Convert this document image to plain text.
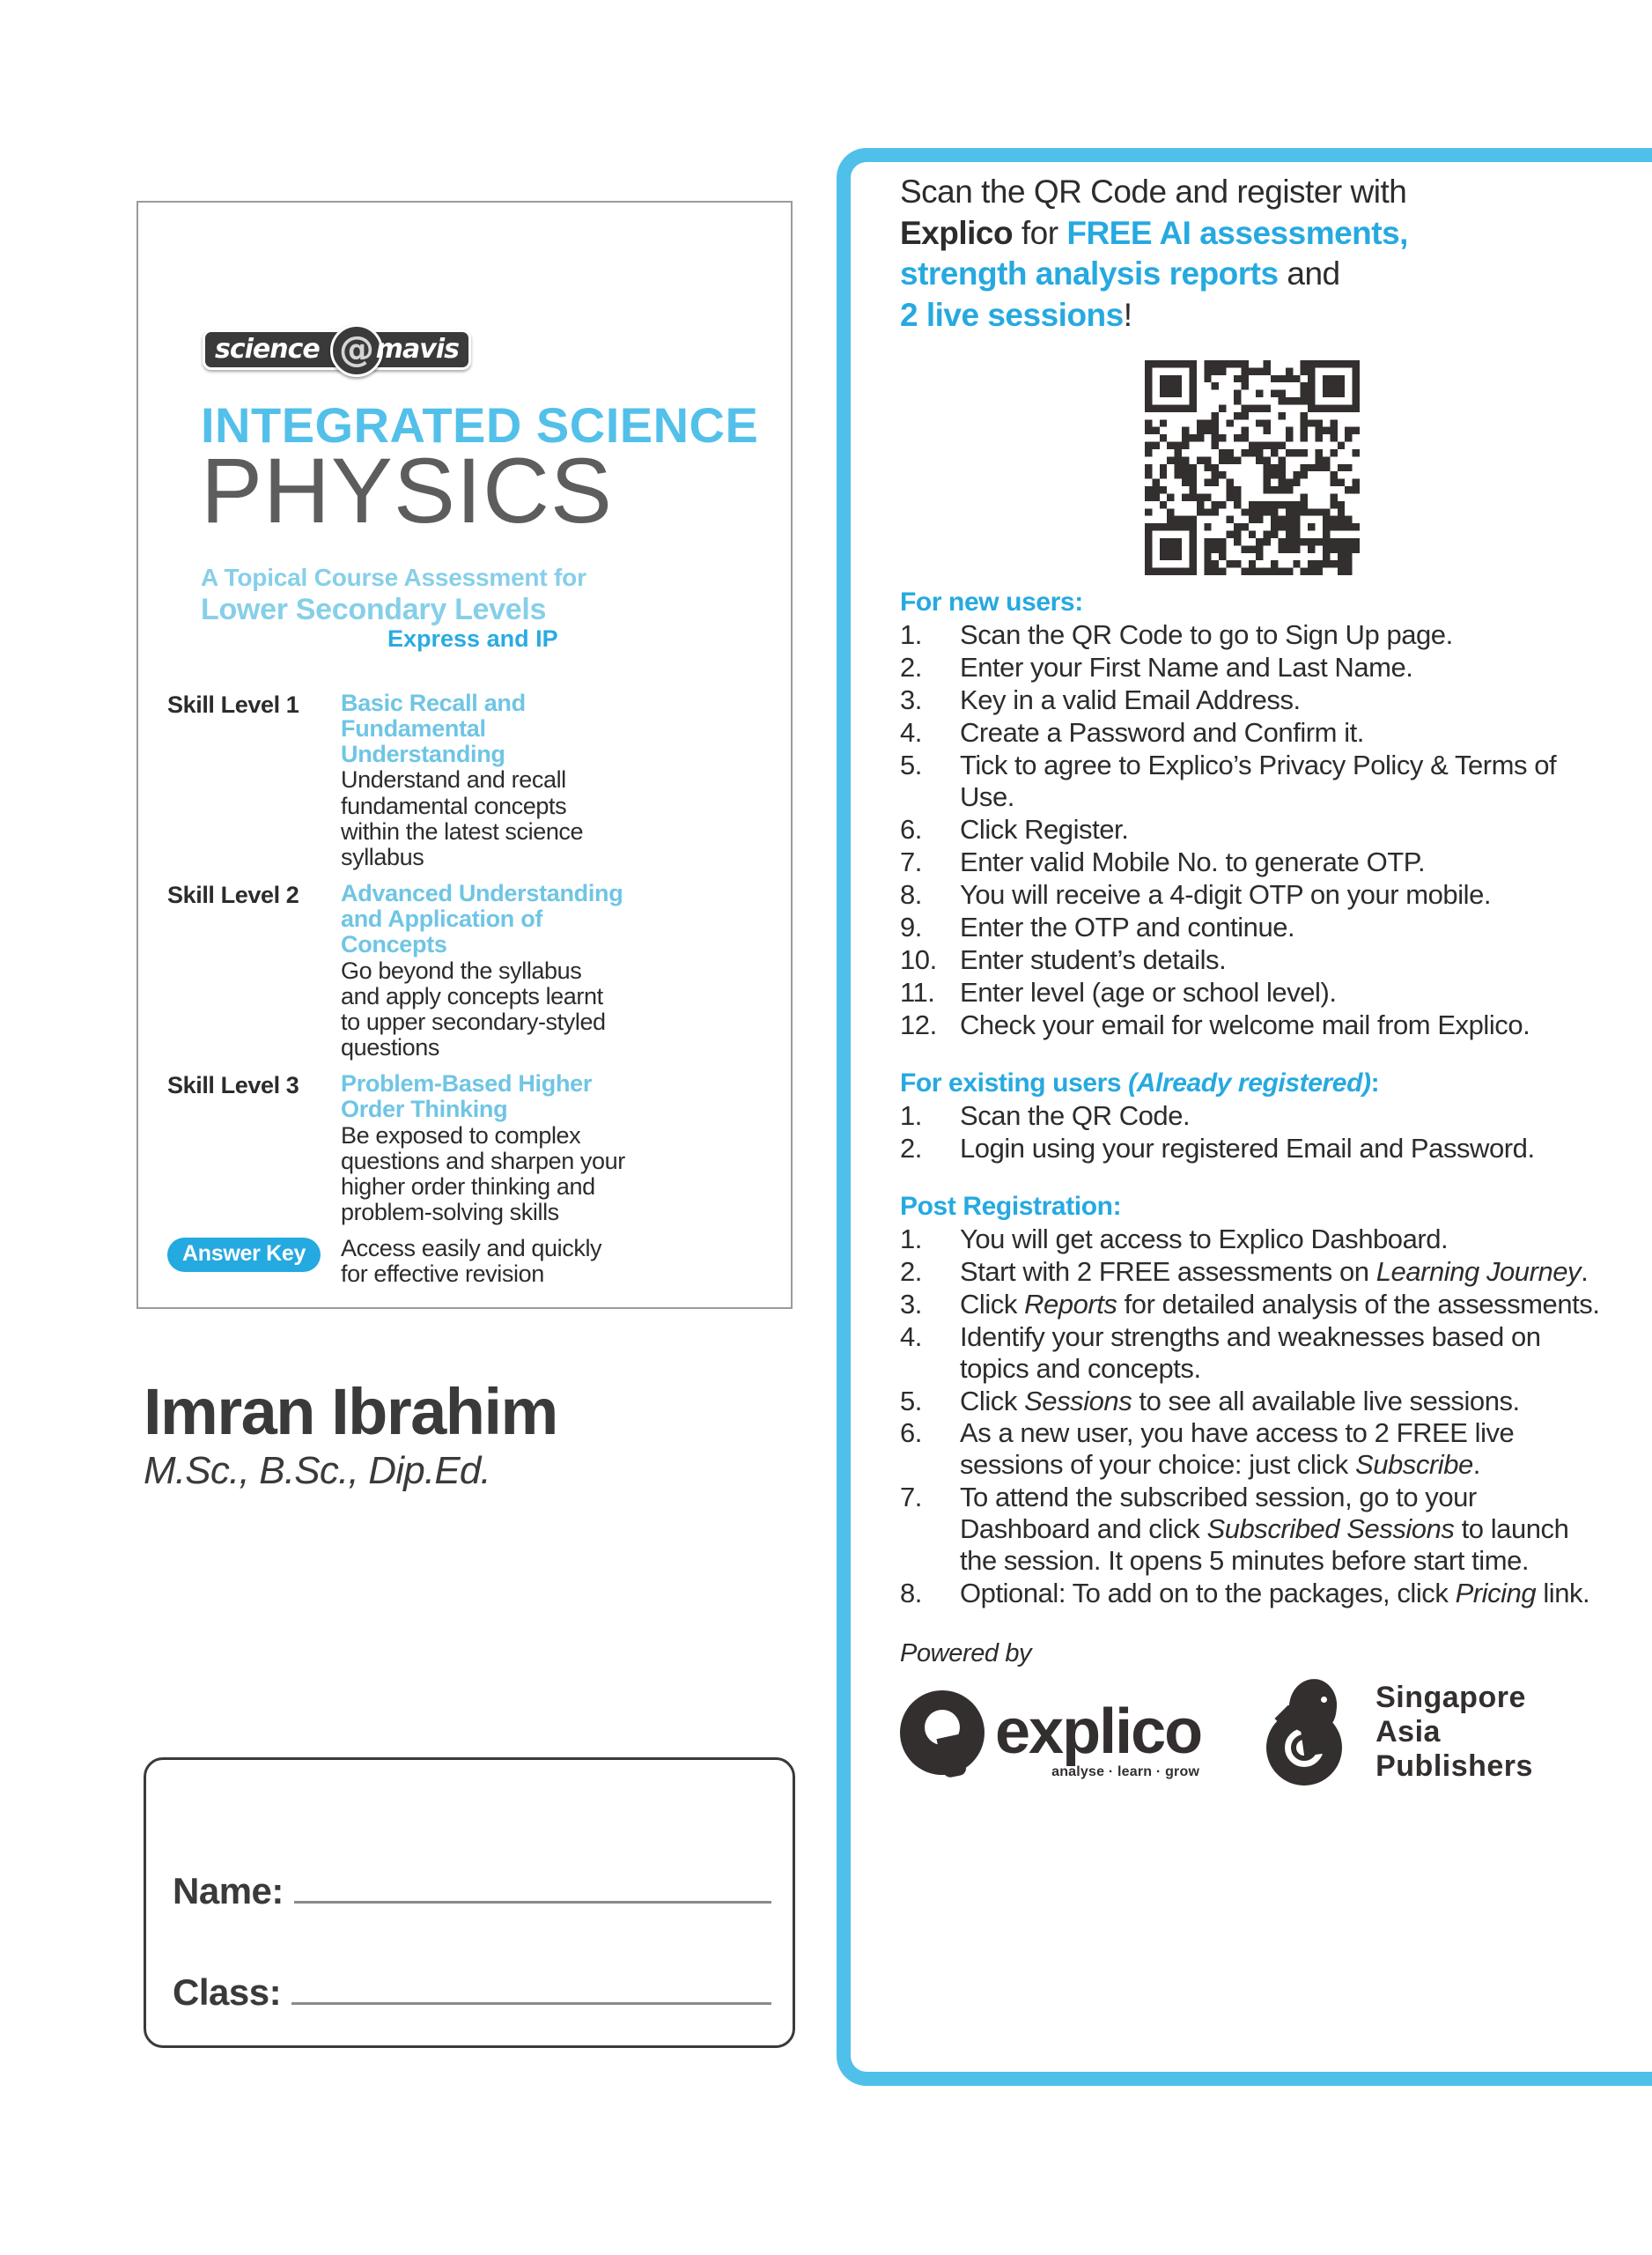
science @ mavis
INTEGRATED SCIENCE
PHYSICS
A Topical Course Assessment for
Lower Secondary Levels
Express and IP
Skill Level 1	Basic Recall and Fundamental Understanding
Understand and recall fundamental concepts within the latest science syllabus
Skill Level 2	Advanced Understanding and Application of Concepts
Go beyond the syllabus and apply concepts learnt to upper secondary-styled questions
Skill Level 3	Problem-Based Higher Order Thinking
Be exposed to complex questions and sharpen your higher order thinking and problem-solving skills
Answer Key	Access easily and quickly for effective revision
Imran Ibrahim
M.Sc., B.Sc., Dip.Ed.
Name:
Class:
Scan the QR Code and register with
Explico for FREE AI assessments,
strength analysis reports and
2 live sessions!
For new users:
1.	Scan the QR Code to go to Sign Up page.
2.	Enter your First Name and Last Name.
3.	Key in a valid Email Address.
4.	Create a Password and Confirm it.
5.	Tick to agree to Explico’s Privacy Policy & Terms of Use.
6.	Click Register.
7.	Enter valid Mobile No. to generate OTP.
8.	You will receive a 4-digit OTP on your mobile.
9.	Enter the OTP and continue.
10. Enter student’s details.
11. Enter level (age or school level).
12. Check your email for welcome mail from Explico.
For existing users (Already registered):
1.	Scan the QR Code.
2.	Login using your registered Email and Password.
Post Registration:
1.	You will get access to Explico Dashboard.
2.	Start with 2 FREE assessments on Learning Journey.
3.	Click Reports for detailed analysis of the assessments.
4.	Identify your strengths and weaknesses based on topics and concepts.
5.	Click Sessions to see all available live sessions.
6.	As a new user, you have access to 2 FREE live sessions of your choice: just click Subscribe.
7.	To attend the subscribed session, go to your Dashboard and click Subscribed Sessions to launch the session. It opens 5 minutes before start time.
8.	Optional: To add on to the packages, click Pricing link.
Powered by
explico
analyse · learn · grow
Singapore
Asia
Publishers
